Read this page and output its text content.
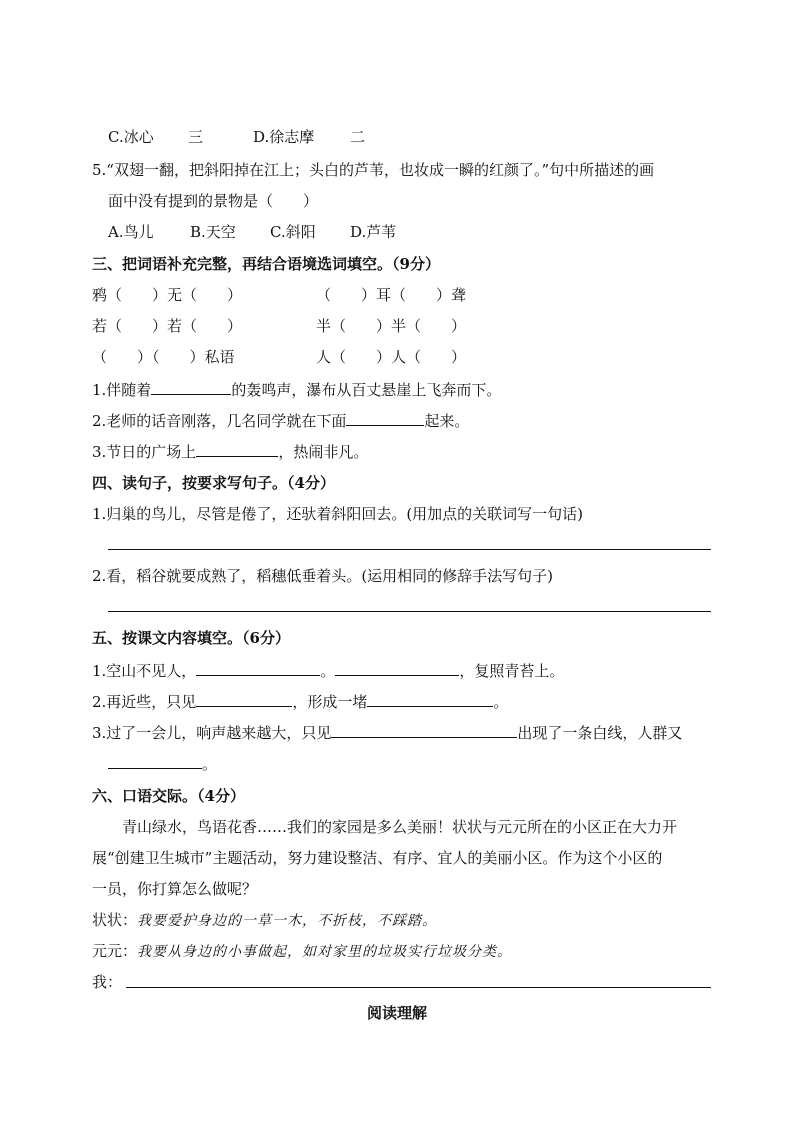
C.冰心 三	D.徐志摩 二
5.“双翅一翻，把斜阳掉在江上；头白的芦苇，也妆成一瞬的红颜了。”句中所描述的画
面中没有提到的景物是（　　）
A.鸟儿 B.天空 C.斜阳 D.芦苇
三、把词语补充完整，再结合语境选词填空。（9分）
鸦（　　）无（　　）	（　　）耳（　　）聋
若（　　）若（　　）	半（　　）半（　　）
（　　）（　　）私语	人（　　）人（　　）
1.伴随着	的轰鸣声，瀑布从百丈悬崖上飞奔而下。
2.老师的话音刚落，几名同学就在下面	起来。
3.节日的广场上	，热闹非凡。
四、读句子，按要求写句子。（4分）
1.归巢的鸟儿，尽管是倦了，还驮着斜阳回去。(用加点的关联词写一句话)
2.看，稻谷就要成熟了，稻穗低垂着头。(运用相同的修辞手法写句子)
五、按课文内容填空。（6分）
1.空山不见人，	。	，复照青苔上。
2.再近些，只见	，形成一堵	。
3.过了一会儿，响声越来越大，只见	出现了一条白线，人群又
。
六、口语交际。（4分）
青山绿水，鸟语花香……我们的家园是多么美丽！状状与元元所在的小区正在大力开
展“创建卫生城市”主题活动，努力建设整洁、有序、宜人的美丽小区。作为这个小区的
一员，你打算怎么做呢？
状状：我要爱护身边的一草一木，不折枝，不踩踏。
元元：我要从身边的小事做起，如对家里的垃圾实行垃圾分类。
我：
阅读理解
